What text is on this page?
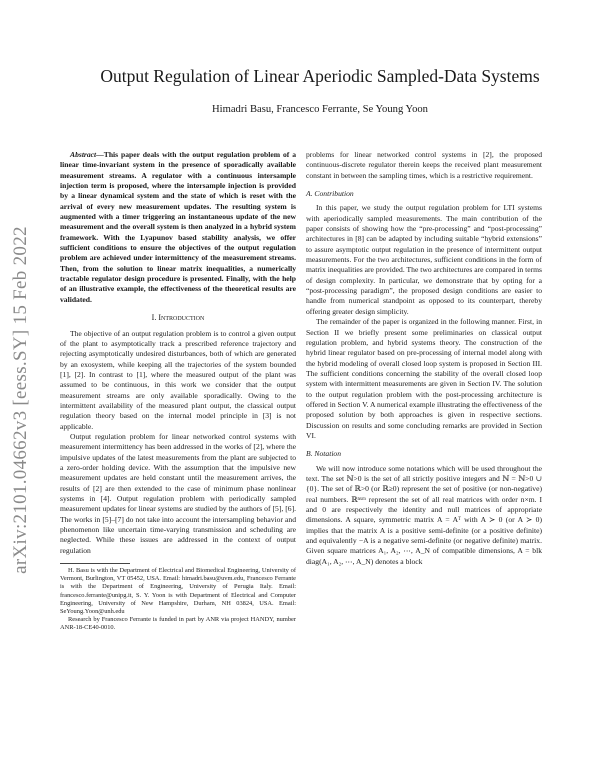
arXiv:2101.04662v3 [eess.SY] 15 Feb 2022
Output Regulation of Linear Aperiodic Sampled-Data Systems
Himadri Basu, Francesco Ferrante, Se Young Yoon

Abstract—This paper deals with the output regulation problem of a linear time-invariant system in the presence of sporadically available measurement streams. A regulator with a continuous intersample injection term is proposed, where the intersample injection is provided by a linear dynamical system and the state of which is reset with the arrival of every new measurement updates. The resulting system is augmented with a timer triggering an instantaneous update of the new measurement and the overall system is then analyzed in a hybrid system framework. With the Lyapunov based stability analysis, we offer sufficient conditions to ensure the objectives of the output regulation problem are achieved under intermittency of the measurement streams. Then, from the solution to linear matrix inequalities, a numerically tractable regulator design procedure is presented. Finally, with the help of an illustrative example, the effectiveness of the theoretical results are validated.

I. Introduction

The objective of an output regulation problem is to control a given output of the plant to asymptotically track a prescribed reference trajectory and rejecting asymptotically undesired disturbances, both of which are generated by an exosystem, while keeping all the trajectories of the system bounded [1], [2]. In contrast to [1], where the measured output of the plant was assumed to be continuous, in this work we consider that the output measurement streams are only available sporadically. Owing to the intermittent availability of the measured plant output, the classical output regulation theory based on the internal model principle in [3] is not applicable.

Output regulation problem for linear networked control systems with measurement intermittency has been addressed in the works of [2], where the impulsive updates of the latest measurements from the plant are subjected to a zero-order holding device. With the assumption that the impulsive new measurement updates are held constant until the measurement arrives, the results of [2] are then extended to the case of minimum phase nonlinear systems in [4]. Output regulation problem with periodically sampled measurement updates for linear systems are studied by the authors of [5], [6]. The works in [5]–[7] do not take into account the intersampling behavior and phenomenon like uncertain time-varying transmission and scheduling are neglected. While these issues are addressed in the context of output regulation

H. Basu is with the Department of Electrical and Biomedical Engineering, University of Vermont, Burlington, VT 05452, USA. Email: himadri.basu@uvm.edu, Francesco Ferrante is with the Department of Engineering, University of Perugia Italy. Email: francesco.ferrante@unipg.it, S. Y. Yoon is with Department of Electrical and Computer Engineering, University of New Hampshire, Durham, NH 03824, USA. Email: SeYoung.Yoon@unh.edu

Research by Francesco Ferrante is funded in part by ANR via project HANDY, number ANR-18-CE40-0010.

problems for linear networked control systems in [2], the proposed continuous-discrete regulator therein keeps the received plant measurement constant in between the sampling times, which is a restrictive requirement.

A. Contribution

In this paper, we study the output regulation problem for LTI systems with aperiodically sampled measurements. The main contribution of the paper consists of showing how the “pre-processing” and “post-processing” architectures in [8] can be adapted by including suitable “hybrid extensions” to assure asymptotic output regulation in the presence of intermittent output measurements. For the two architectures, sufficient conditions in the form of matrix inequalities are provided. The two architectures are compared in terms of design complexity. In particular, we demonstrate that by opting for a “post-processing paradigm”, the proposed design conditions are easier to handle from numerical standpoint as opposed to its counterpart, thereby offering greater design simplicity.

The remainder of the paper is organized in the following manner. First, in Section II we briefly present some preliminaries on classical output regulation problem, and hybrid systems theory. The construction of the hybrid linear regulator based on pre-processing of internal model along with the hybrid modeling of overall closed loop system is proposed in Section III. The sufficient conditions concerning the stability of the overall closed loop system with intermittent measurements are given in Section IV. The solution to the output regulation problem with the post-processing architecture is offered in Section V. A numerical example illustrating the effectiveness of the proposed solution by both approaches is given in respective sections. Discussion on results and some concluding remarks are provided in Section VI.

B. Notation

We will now introduce some notations which will be used throughout the text. The set ℕ>0 is the set of all strictly positive integers and ℕ = ℕ>0 ∪ {0}. The set of ℝ>0 (or ℝ≥0) represent the set of positive (or non-negative) real numbers. ℝⁿˣᵐ represent the set of all real matrices with order n×m. I and 0 are respectively the identity and null matrices of appropriate dimensions. A square, symmetric matrix A = Aᵀ with A ≻ 0 (or A ≻ 0) implies that the matrix A is a positive semi-definite (or a positive definite) and equivalently −A is a negative semi-definite (or negative definite) matrix. Given square matrices A₁, A₂, ⋯, A_N of compatible dimensions, A = blk diag(A₁, A₂, ⋯, A_N) denotes a block
